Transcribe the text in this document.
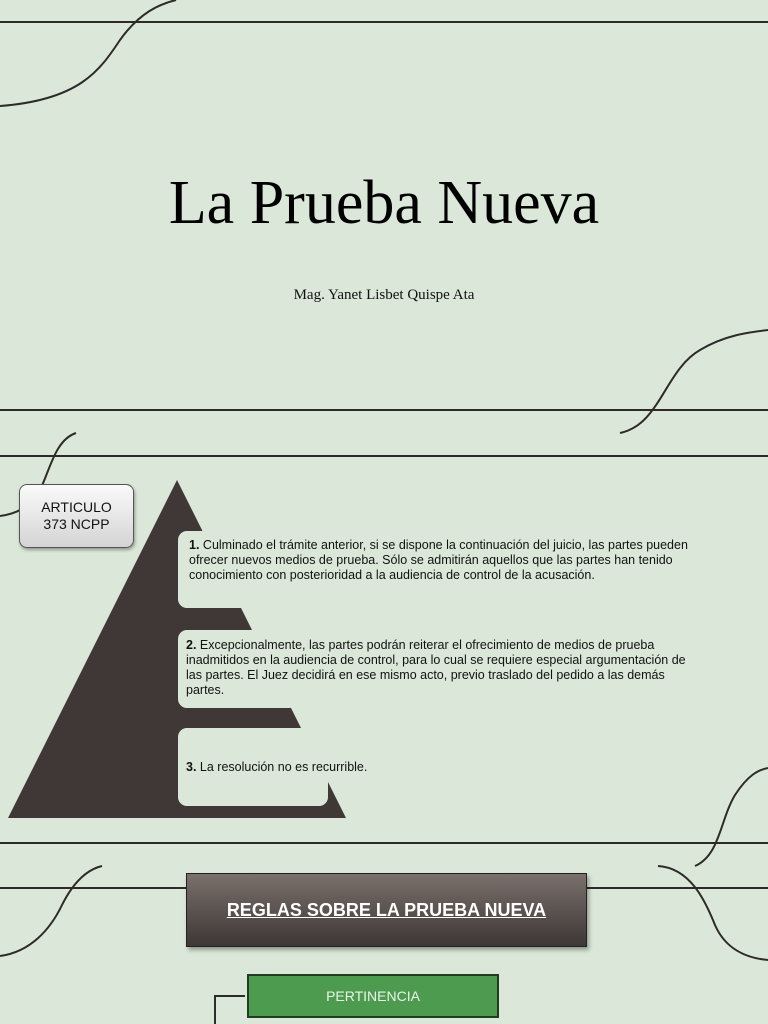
La Prueba Nueva
Mag. Yanet Lisbet Quispe Ata
ARTICULO
373 NCPP
1. Culminado el trámite anterior, si se dispone la continuación del juicio, las partes pueden ofrecer nuevos medios de prueba. Sólo se admitirán aquellos que las partes han tenido conocimiento con posterioridad a la audiencia de control de la acusación.
2. Excepcionalmente, las partes podrán reiterar el ofrecimiento de medios de prueba inadmitidos en la audiencia de control, para lo cual se requiere especial argumentación de las partes. El Juez decidirá en ese mismo acto, previo traslado del pedido a las demás partes.
3. La resolución no es recurrible.
REGLAS SOBRE LA PRUEBA NUEVA
PERTINENCIA
